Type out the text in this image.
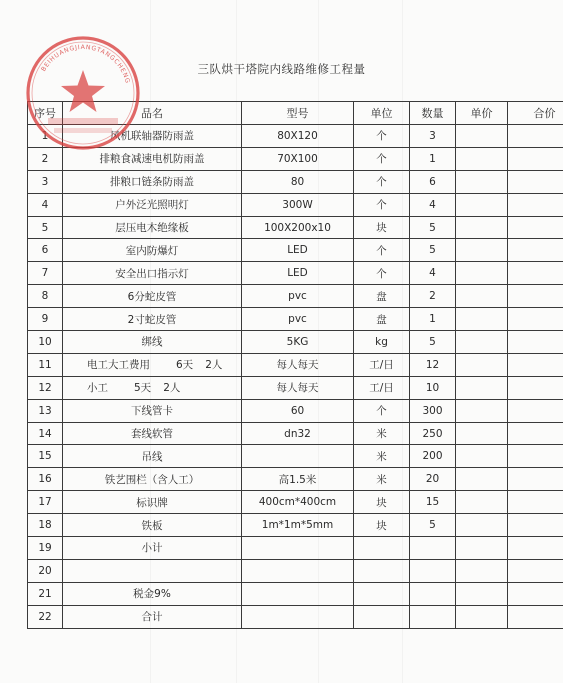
三队烘干塔院内线路维修工程量
序号	品名	型号	单位	数量	单价	合价
1	风机联轴器防雨盖	80X120	个	3		
2	排粮食减速电机防雨盖	70X100	个	1		
3	排粮口链条防雨盖	80	个	6		
4	户外泛光照明灯	300W	个	4		
5	层压电木绝缘板	100X200x10	块	5		
6	室内防爆灯	LED	个	5		
7	安全出口指示灯	LED	个	4		
8	6分蛇皮管	pvc	盘	2		
9	2寸蛇皮管	pvc	盘	1		
10	绑线	5KG	kg	5		
11	电工大工费用 6天 2人	每人每天	工/日	12		
12	小工 5天 2人	每人每天	工/日	10		
13	下线管卡	60	个	300		
14	套线软管	dn32	米	250		
15	吊线		米	200		
16	铁艺围栏（含人工）	高1.5米	米	20		
17	标识牌	400cm*400cm	块	15		
18	铁板	1m*1m*5mm	块	5		
19	小计					
20						
21	税金9%					
22	合计					
BEIHUANGJIANGTANGCHENG
